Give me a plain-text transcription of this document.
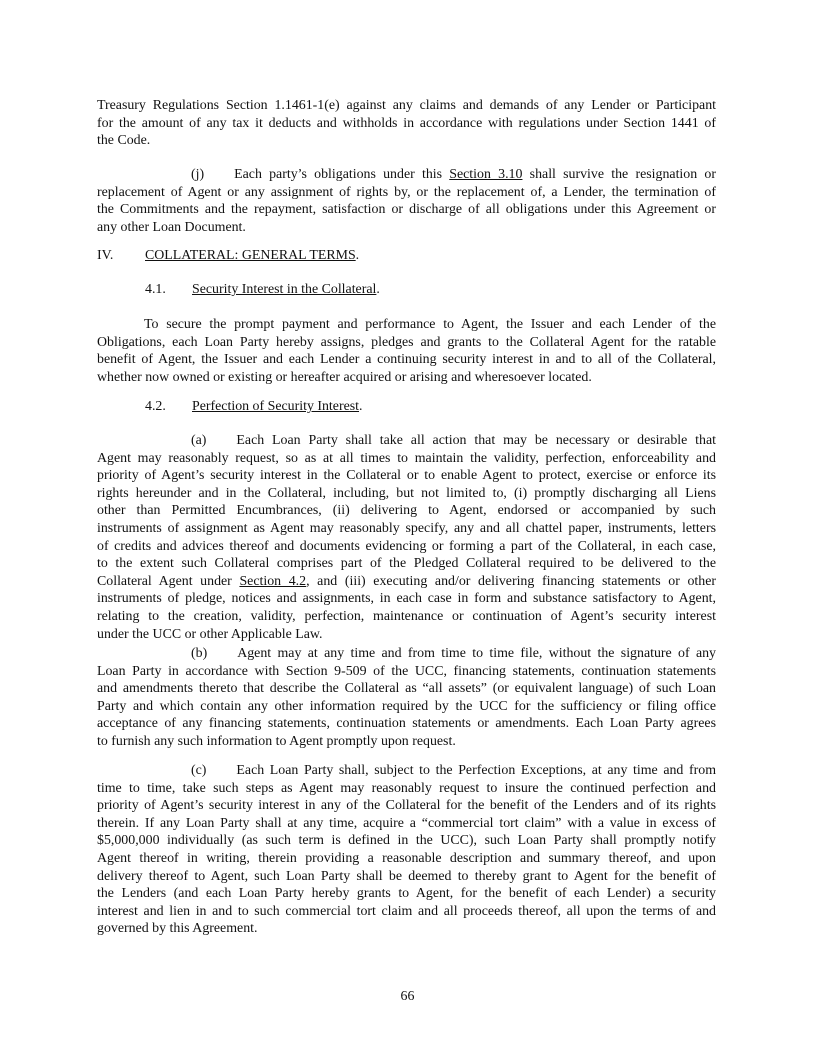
Treasury Regulations Section 1.1461-1(e) against any claims and demands of any Lender or Participant
for the amount of any tax it deducts and withholds in accordance with regulations under Section 1441 of
the Code.
(j) Each party’s obligations under this Section 3.10 shall survive the resignation or
replacement of Agent or any assignment of rights by, or the replacement of, a Lender, the termination of
the Commitments and the repayment, satisfaction or discharge of all obligations under this Agreement or
any other Loan Document.
IV. COLLATERAL: GENERAL TERMS.
4.1. Security Interest in the Collateral.
To secure the prompt payment and performance to Agent, the Issuer and each Lender of the
Obligations, each Loan Party hereby assigns, pledges and grants to the Collateral Agent for the ratable
benefit of Agent, the Issuer and each Lender a continuing security interest in and to all of the Collateral,
whether now owned or existing or hereafter acquired or arising and wheresoever located.
4.2. Perfection of Security Interest.
(a) Each Loan Party shall take all action that may be necessary or desirable that
Agent may reasonably request, so as at all times to maintain the validity, perfection, enforceability and
priority of Agent’s security interest in the Collateral or to enable Agent to protect, exercise or enforce its
rights hereunder and in the Collateral, including, but not limited to, (i) promptly discharging all Liens
other than Permitted Encumbrances, (ii) delivering to Agent, endorsed or accompanied by such
instruments of assignment as Agent may reasonably specify, any and all chattel paper, instruments, letters
of credits and advices thereof and documents evidencing or forming a part of the Collateral, in each case,
to the extent such Collateral comprises part of the Pledged Collateral required to be delivered to the
Collateral Agent under Section 4.2, and (iii) executing and/or delivering financing statements or other
instruments of pledge, notices and assignments, in each case in form and substance satisfactory to Agent,
relating to the creation, validity, perfection, maintenance or continuation of Agent’s security interest
under the UCC or other Applicable Law.
(b) Agent may at any time and from time to time file, without the signature of any
Loan Party in accordance with Section 9-509 of the UCC, financing statements, continuation statements
and amendments thereto that describe the Collateral as “all assets” (or equivalent language) of such Loan
Party and which contain any other information required by the UCC for the sufficiency or filing office
acceptance of any financing statements, continuation statements or amendments. Each Loan Party agrees
to furnish any such information to Agent promptly upon request.
(c) Each Loan Party shall, subject to the Perfection Exceptions, at any time and from
time to time, take such steps as Agent may reasonably request to insure the continued perfection and
priority of Agent’s security interest in any of the Collateral for the benefit of the Lenders and of its rights
therein. If any Loan Party shall at any time, acquire a “commercial tort claim” with a value in excess of
$5,000,000 individually (as such term is defined in the UCC), such Loan Party shall promptly notify
Agent thereof in writing, therein providing a reasonable description and summary thereof, and upon
delivery thereof to Agent, such Loan Party shall be deemed to thereby grant to Agent for the benefit of
the Lenders (and each Loan Party hereby grants to Agent, for the benefit of each Lender) a security
interest and lien in and to such commercial tort claim and all proceeds thereof, all upon the terms of and
governed by this Agreement.
66
